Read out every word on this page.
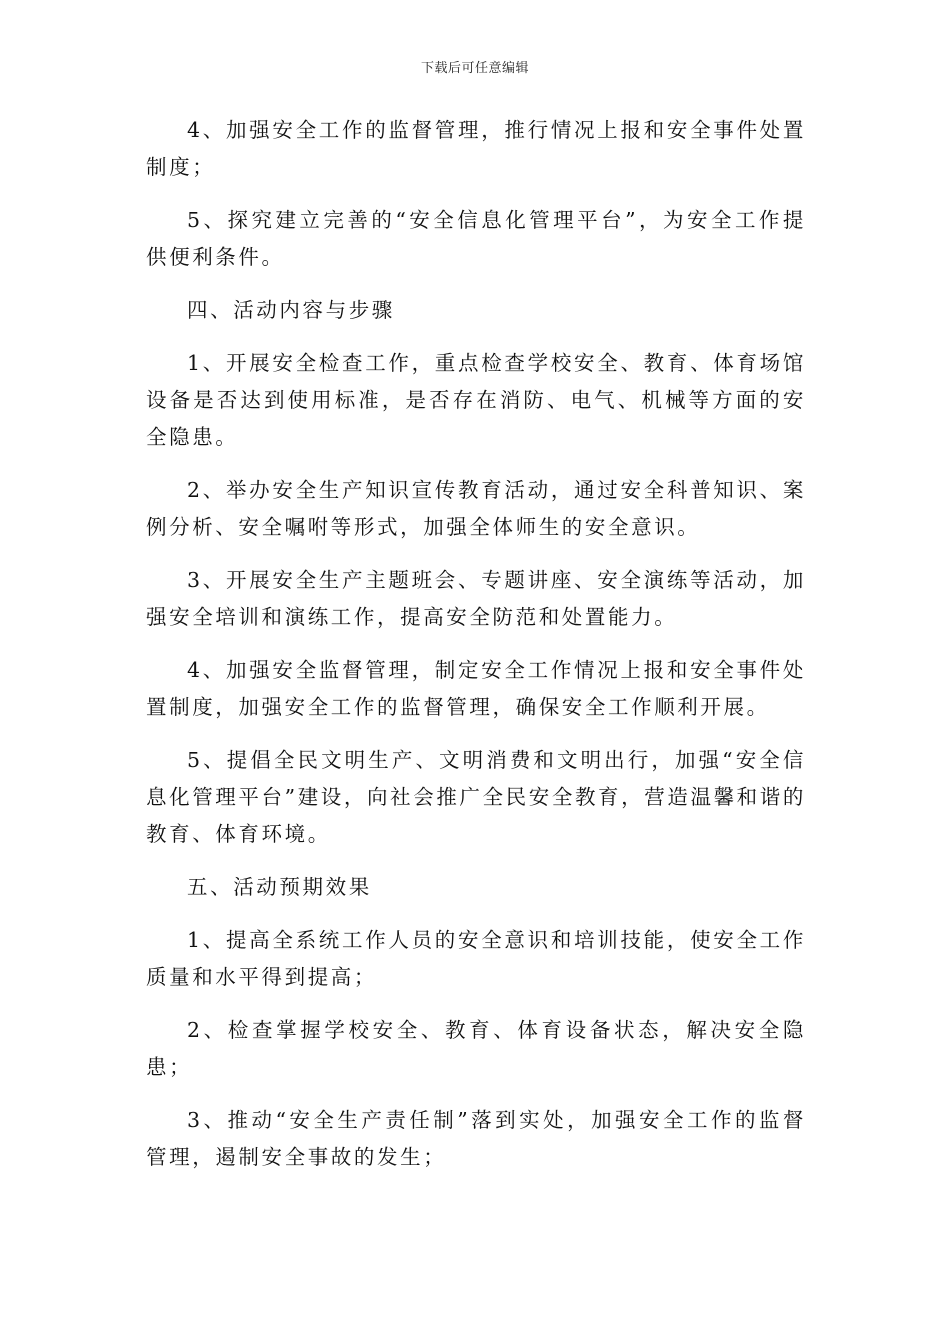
下载后可任意编辑

4、加强安全工作的监督管理，推行情况上报和安全事件处置制度；

5、探究建立完善的“安全信息化管理平台”，为安全工作提供便利条件。

四、活动内容与步骤

1、开展安全检查工作，重点检查学校安全、教育、体育场馆设备是否达到使用标准，是否存在消防、电气、机械等方面的安全隐患。

2、举办安全生产知识宣传教育活动，通过安全科普知识、案例分析、安全嘱咐等形式，加强全体师生的安全意识。

3、开展安全生产主题班会、专题讲座、安全演练等活动，加强安全培训和演练工作，提高安全防范和处置能力。

4、加强安全监督管理，制定安全工作情况上报和安全事件处置制度，加强安全工作的监督管理，确保安全工作顺利开展。

5、提倡全民文明生产、文明消费和文明出行，加强“安全信息化管理平台”建设，向社会推广全民安全教育，营造温馨和谐的教育、体育环境。

五、活动预期效果

1、提高全系统工作人员的安全意识和培训技能，使安全工作质量和水平得到提高；

2、检查掌握学校安全、教育、体育设备状态，解决安全隐患；

3、推动“安全生产责任制”落到实处，加强安全工作的监督管理，遏制安全事故的发生；
